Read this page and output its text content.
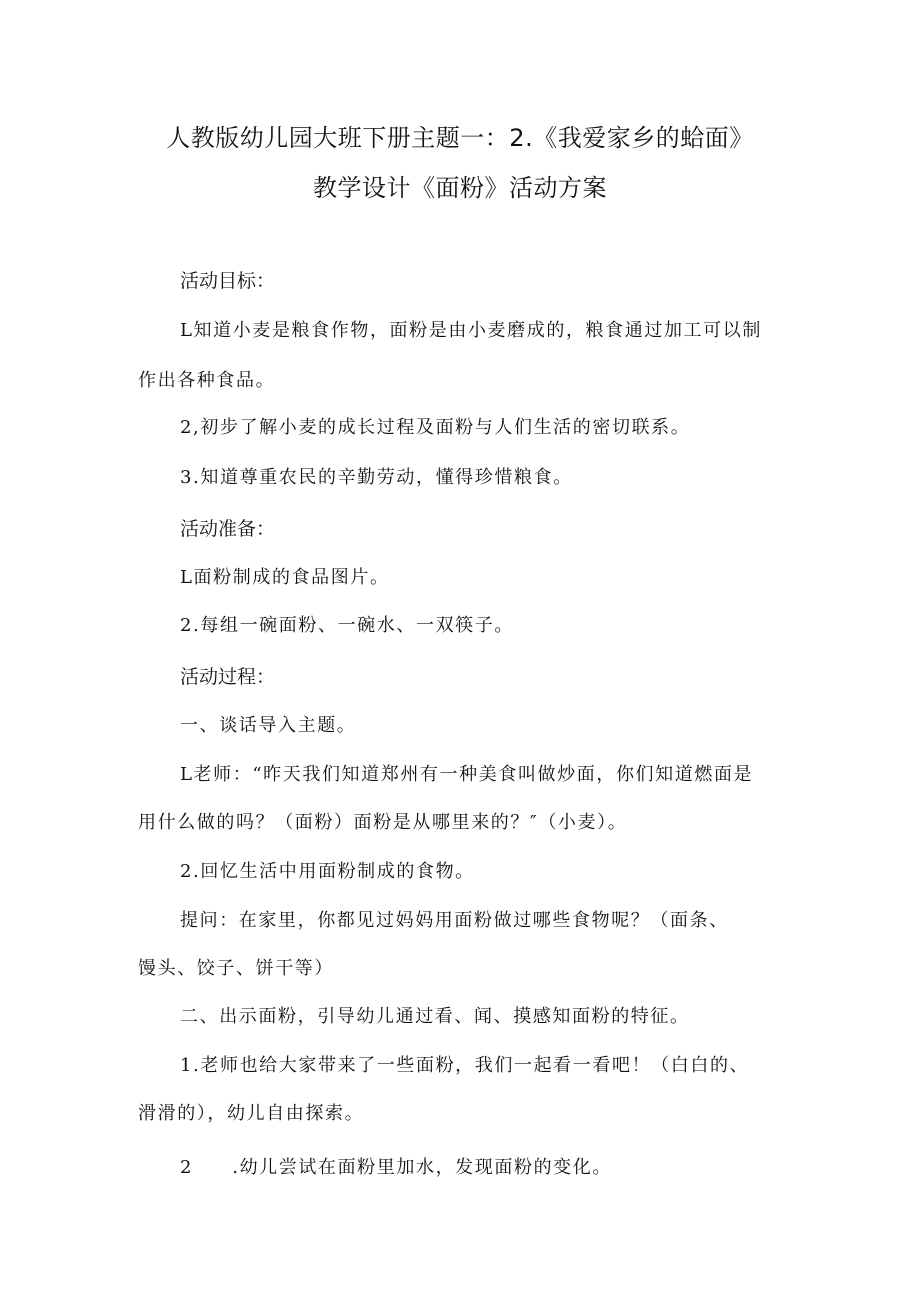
人教版幼儿园大班下册主题一：2.《我爱家乡的蛤面》
教学设计《面粉》活动方案
活动目标：
L知道小麦是粮食作物，面粉是由小麦磨成的，粮食通过加工可以制
作出各种食品。
2,初步了解小麦的成长过程及面粉与人们生活的密切联系。
3.知道尊重农民的辛勤劳动，懂得珍惜粮食。
活动准备：
L面粉制成的食品图片。
2.每组一碗面粉、一碗水、一双筷子。
活动过程：
一、谈话导入主题。
L老师：“昨天我们知道郑州有一种美食叫做炒面，你们知道燃面是
用什么做的吗？（面粉）面粉是从哪里来的？″（小麦）。
2.回忆生活中用面粉制成的食物。
提问：在家里，你都见过妈妈用面粉做过哪些食物呢？（面条、
馒头、饺子、饼干等）
二、出示面粉，引导幼儿通过看、闻、摸感知面粉的特征。
1.老师也给大家带来了一些面粉，我们一起看一看吧！（白白的、
滑滑的），幼儿自由探索。
2　　.幼儿尝试在面粉里加水，发现面粉的变化。
